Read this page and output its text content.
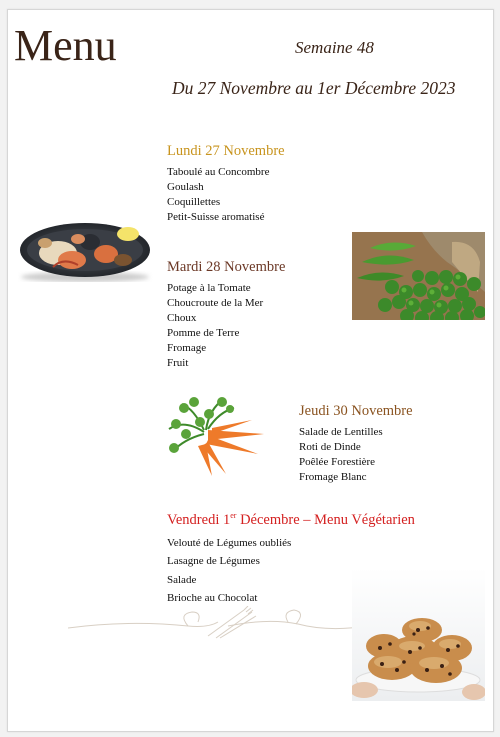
Menu	Semaine 48
Du 27 Novembre au 1er Décembre 2023
Lundi 27 Novembre
Taboulé au Concombre
Goulash
Coquillettes
Petit-Suisse aromatisé
Mardi 28 Novembre
Potage à la Tomate
Choucroute de la Mer
Choux
Pomme de Terre
Fromage
Fruit
Jeudi 30 Novembre
Salade de Lentilles
Roti de Dinde
Poêlée Forestière
Fromage Blanc
Vendredi 1er Décembre – Menu Végétarien
Velouté de Légumes oubliés
Lasagne de Légumes
Salade
Brioche au Chocolat
